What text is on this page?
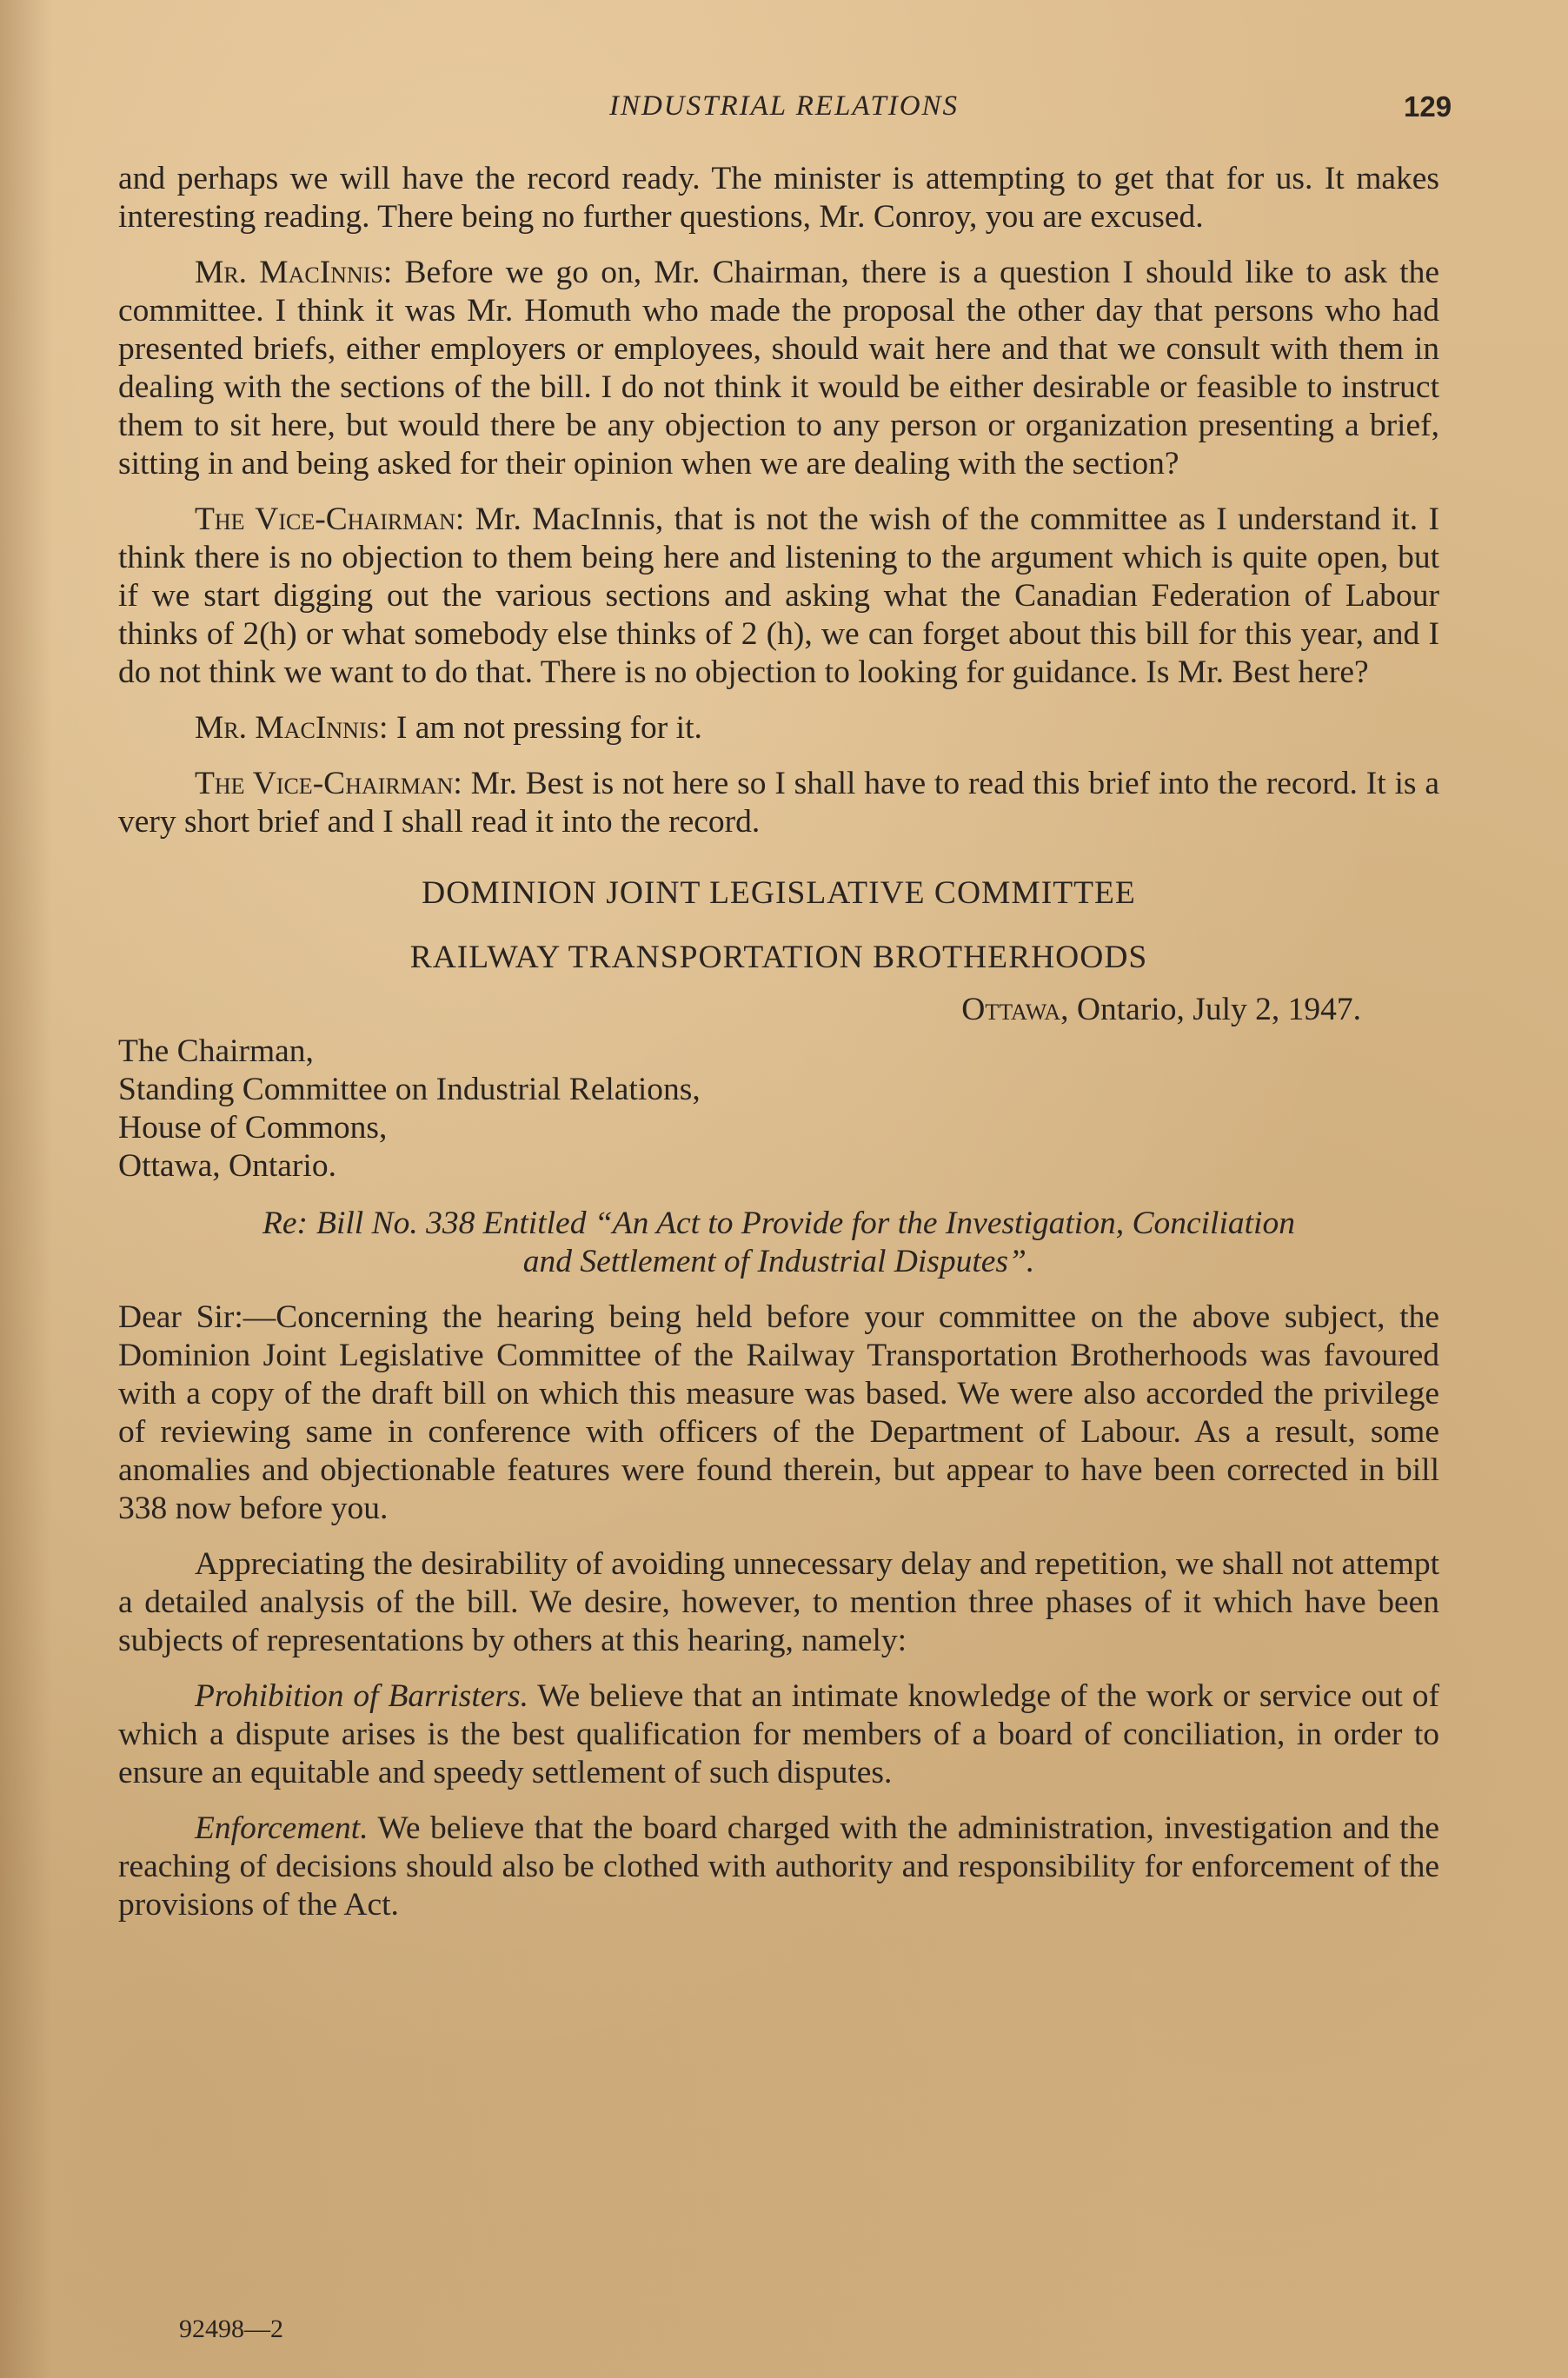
INDUSTRIAL RELATIONS	129

and perhaps we will have the record ready. The minister is attempting to get that for us. It makes interesting reading. There being no further questions, Mr. Conroy, you are excused.

Mr. MacInnis: Before we go on, Mr. Chairman, there is a question I should like to ask the committee. I think it was Mr. Homuth who made the proposal the other day that persons who had presented briefs, either employers or employees, should wait here and that we consult with them in dealing with the sections of the bill. I do not think it would be either desirable or feasible to instruct them to sit here, but would there be any objection to any person or organization presenting a brief, sitting in and being asked for their opinion when we are dealing with the section?

The Vice-Chairman: Mr. MacInnis, that is not the wish of the committee as I understand it. I think there is no objection to them being here and listening to the argument which is quite open, but if we start digging out the various sections and asking what the Canadian Federation of Labour thinks of 2(h) or what somebody else thinks of 2 (h), we can forget about this bill for this year, and I do not think we want to do that. There is no objection to looking for guidance. Is Mr. Best here?

Mr. MacInnis: I am not pressing for it.

The Vice-Chairman: Mr. Best is not here so I shall have to read this brief into the record. It is a very short brief and I shall read it into the record.

DOMINION JOINT LEGISLATIVE COMMITTEE
RAILWAY TRANSPORTATION BROTHERHOODS
Ottawa, Ontario, July 2, 1947.
The Chairman,
Standing Committee on Industrial Relations,
House of Commons,
Ottawa, Ontario.
Re: Bill No. 338 Entitled “An Act to Provide for the Investigation, Conciliation
and Settlement of Industrial Disputes”.

Dear Sir:—Concerning the hearing being held before your committee on the above subject, the Dominion Joint Legislative Committee of the Railway Transportation Brotherhoods was favoured with a copy of the draft bill on which this measure was based. We were also accorded the privilege of reviewing same in conference with officers of the Department of Labour. As a result, some anomalies and objectionable features were found therein, but appear to have been corrected in bill 338 now before you.

Appreciating the desirability of avoiding unnecessary delay and repetition, we shall not attempt a detailed analysis of the bill. We desire, however, to mention three phases of it which have been subjects of representations by others at this hearing, namely:

Prohibition of Barristers. We believe that an intimate knowledge of the work or service out of which a dispute arises is the best qualification for members of a board of conciliation, in order to ensure an equitable and speedy settlement of such disputes.

Enforcement. We believe that the board charged with the administration, investigation and the reaching of decisions should also be clothed with authority and responsibility for enforcement of the provisions of the Act.

92498—2
